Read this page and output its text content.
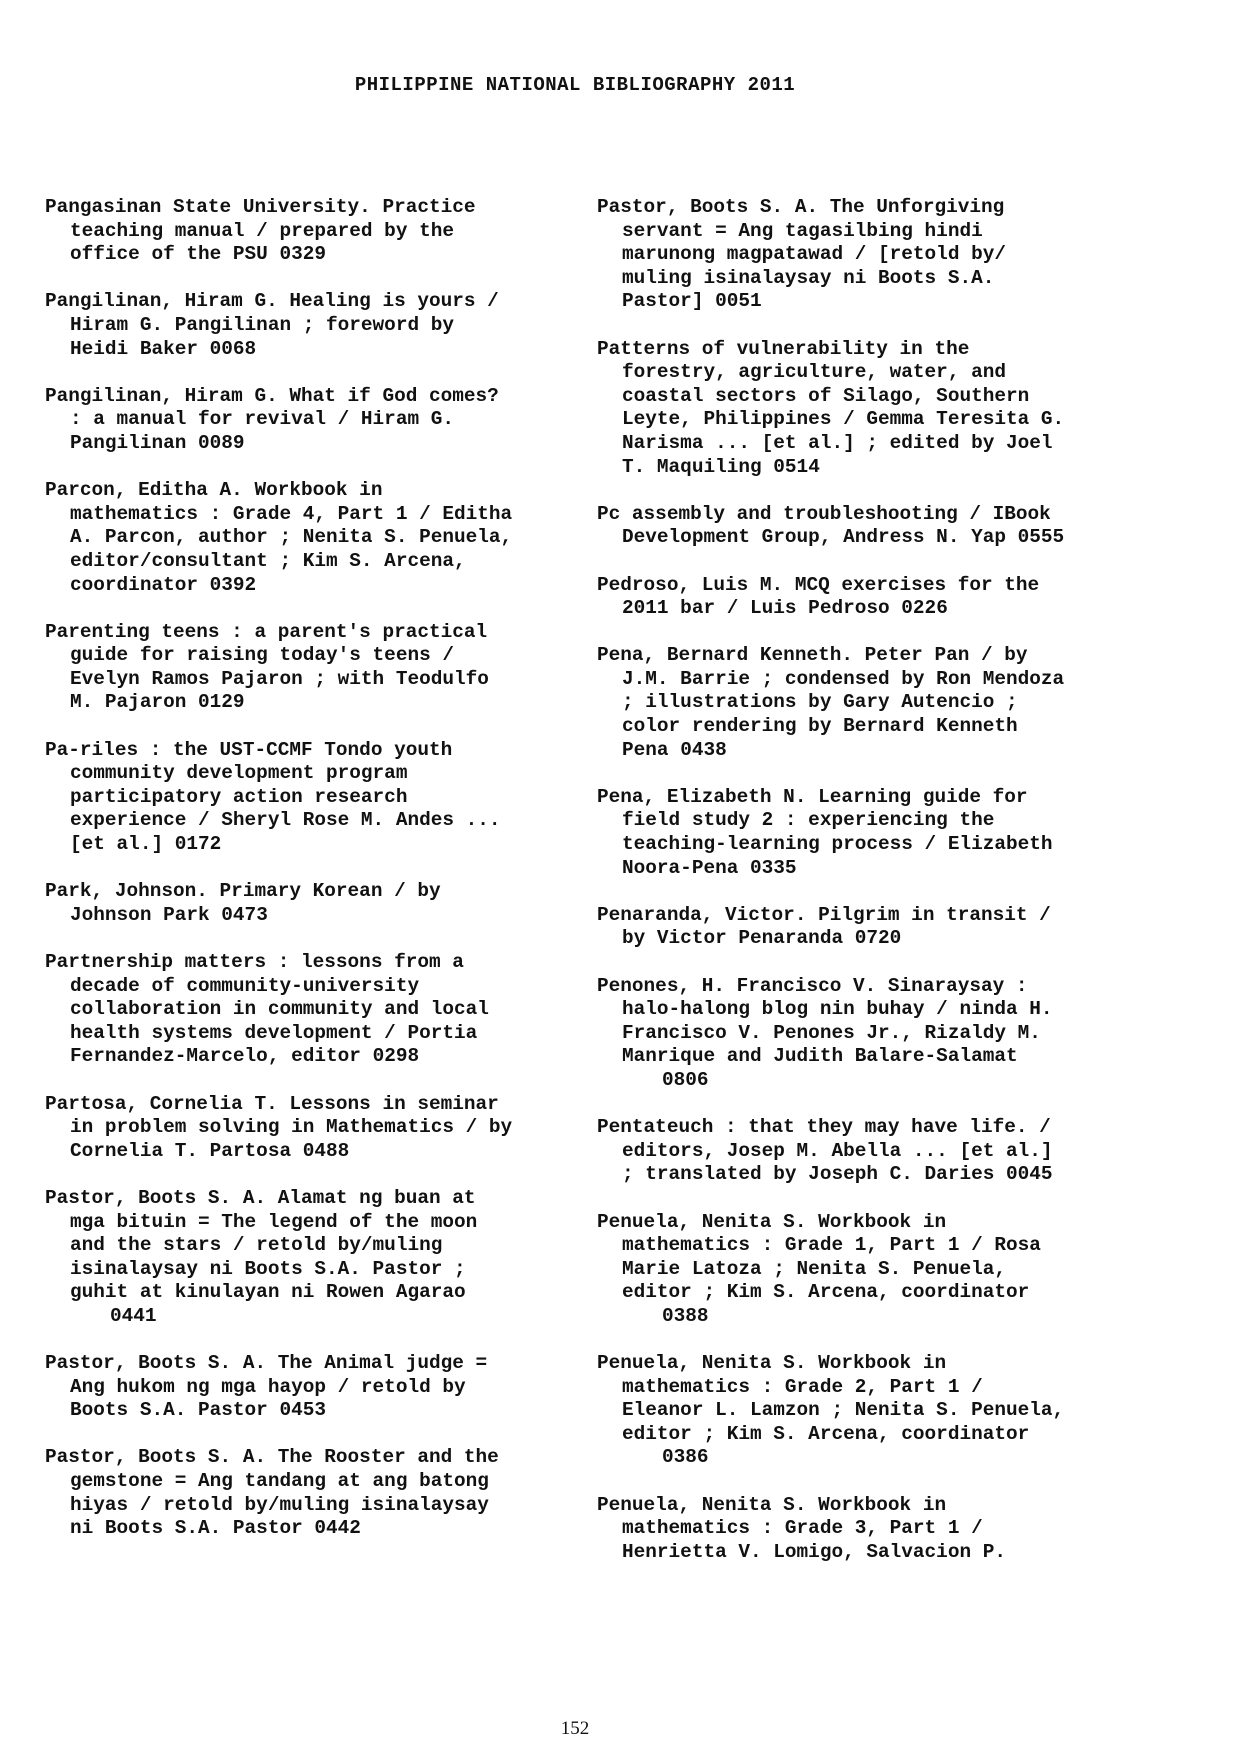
PHILIPPINE NATIONAL BIBLIOGRAPHY 2011
Pangasinan State University. Practice
teaching manual / prepared by the
office of the PSU 0329
Pangilinan, Hiram G. Healing is yours /
Hiram G. Pangilinan ; foreword by
Heidi Baker 0068
Pangilinan, Hiram G. What if God comes?
: a manual for revival / Hiram G.
Pangilinan 0089
Parcon, Editha A. Workbook in
mathematics : Grade 4, Part 1 / Editha
A. Parcon, author ; Nenita S. Penuela,
editor/consultant ; Kim S. Arcena,
coordinator 0392
Parenting teens : a parent's practical
guide for raising today's teens /
Evelyn Ramos Pajaron ; with Teodulfo
M. Pajaron 0129
Pa-riles : the UST-CCMF Tondo youth
community development program
participatory action research
experience / Sheryl Rose M. Andes ...
[et al.] 0172
Park, Johnson. Primary Korean / by
Johnson Park 0473
Partnership matters : lessons from a
decade of community-university
collaboration in community and local
health systems development / Portia
Fernandez-Marcelo, editor 0298
Partosa, Cornelia T. Lessons in seminar
in problem solving in Mathematics / by
Cornelia T. Partosa 0488
Pastor, Boots S. A. Alamat ng buan at
mga bituin = The legend of the moon
and the stars / retold by/muling
isinalaysay ni Boots S.A. Pastor ;
guhit at kinulayan ni Rowen Agarao
0441
Pastor, Boots S. A. The Animal judge =
Ang hukom ng mga hayop / retold by
Boots S.A. Pastor 0453
Pastor, Boots S. A. The Rooster and the
gemstone = Ang tandang at ang batong
hiyas / retold by/muling isinalaysay
ni Boots S.A. Pastor 0442
Pastor, Boots S. A. The Unforgiving
servant = Ang tagasilbing hindi
marunong magpatawad / [retold by/
muling isinalaysay ni Boots S.A.
Pastor] 0051
Patterns of vulnerability in the
forestry, agriculture, water, and
coastal sectors of Silago, Southern
Leyte, Philippines / Gemma Teresita G.
Narisma ... [et al.] ; edited by Joel
T. Maquiling 0514
Pc assembly and troubleshooting / IBook
Development Group, Andress N. Yap 0555
Pedroso, Luis M. MCQ exercises for the
2011 bar / Luis Pedroso 0226
Pena, Bernard Kenneth. Peter Pan / by
J.M. Barrie ; condensed by Ron Mendoza
; illustrations by Gary Autencio ;
color rendering by Bernard Kenneth
Pena 0438
Pena, Elizabeth N. Learning guide for
field study 2 : experiencing the
teaching-learning process / Elizabeth
Noora-Pena 0335
Penaranda, Victor. Pilgrim in transit /
by Victor Penaranda 0720
Penones, H. Francisco V. Sinaraysay :
halo-halong blog nin buhay / ninda H.
Francisco V. Penones Jr., Rizaldy M.
Manrique and Judith Balare-Salamat
0806
Pentateuch : that they may have life. /
editors, Josep M. Abella ... [et al.]
; translated by Joseph C. Daries 0045
Penuela, Nenita S. Workbook in
mathematics : Grade 1, Part 1 / Rosa
Marie Latoza ; Nenita S. Penuela,
editor ; Kim S. Arcena, coordinator
0388
Penuela, Nenita S. Workbook in
mathematics : Grade 2, Part 1 /
Eleanor L. Lamzon ; Nenita S. Penuela,
editor ; Kim S. Arcena, coordinator
0386
Penuela, Nenita S. Workbook in
mathematics : Grade 3, Part 1 /
Henrietta V. Lomigo, Salvacion P.
152
